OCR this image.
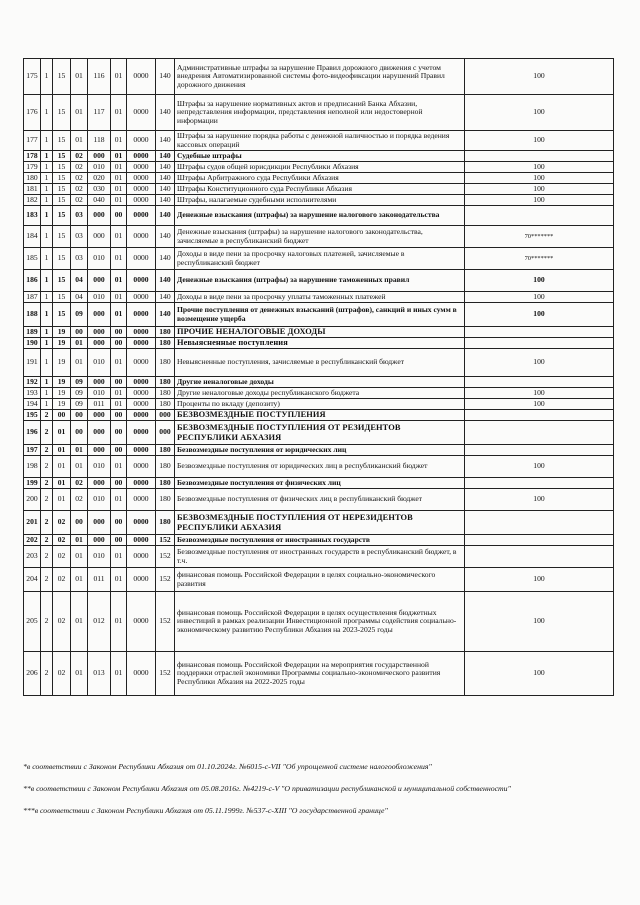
175	1	15	01	116	01	0000	140	Административные штрафы за нарушение Правил дорожного движения с учетом внедрения Автоматизированной системы фото-видеофиксации нарушений Правил дорожного движения	100
176	1	15	01	117	01	0000	140	Штрафы за нарушение нормативных актов и предписаний Банка Абхазии, непредставления информации, представления неполной или недостоверной информации	100
177	1	15	01	118	01	0000	140	Штрафы за нарушение порядка работы с денежной наличностью и порядка ведения кассовых операций	100
178	1	15	02	000	01	0000	140	Судебные штрафы	
179	1	15	02	010	01	0000	140	Штрафы судов общей юрисдикции Республики Абхазия	100
180	1	15	02	020	01	0000	140	Штрафы Арбитражного суда Республики Абхазия	100
181	1	15	02	030	01	0000	140	Штрафы Конституционного суда Республики Абхазия	100
182	1	15	02	040	01	0000	140	Штрафы, налагаемые судебными исполнителями	100
183	1	15	03	000	00	0000	140	Денежные взыскания (штрафы) за нарушение налогового законодательства	
184	1	15	03	000	01	0000	140	Денежные взыскания (штрафы) за нарушение налогового законодательства, зачисляемые в республиканский бюджет	70*******
185	1	15	03	010	01	0000	140	Доходы в виде пени за просрочку налоговых платежей, зачисляемые в республиканский бюджет	70*******
186	1	15	04	000	01	0000	140	Денежные взыскания (штрафы) за нарушение таможенных правил	100
187	1	15	04	010	01	0000	140	Доходы в виде пени за просрочку уплаты таможенных платежей	100
188	1	15	09	000	01	0000	140	Прочие поступления от денежных взысканий (штрафов), санкций и иных сумм в возмещение ущерба	100
189	1	19	00	000	00	0000	180	ПРОЧИЕ НЕНАЛОГОВЫЕ ДОХОДЫ	
190	1	19	01	000	00	0000	180	Невыясненные поступления	
191	1	19	01	010	01	0000	180	Невыясненные поступления, зачисляемые в республиканский бюджет	100
192	1	19	09	000	00	0000	180	Другие неналоговые доходы	
193	1	19	09	010	01	0000	180	Другие неналоговые доходы республиканского бюджета	100
194	1	19	09	011	01	0000	180	Проценты по вкладу (депозиту)	100
195	2	00	00	000	00	0000	000	БЕЗВОЗМЕЗДНЫЕ ПОСТУПЛЕНИЯ	
196	2	01	00	000	00	0000	000	БЕЗВОЗМЕЗДНЫЕ ПОСТУПЛЕНИЯ ОТ РЕЗИДЕНТОВ РЕСПУБЛИКИ АБХАЗИЯ	
197	2	01	01	000	00	0000	180	Безвозмездные поступления от юридических лиц	
198	2	01	01	010	01	0000	180	Безвозмездные поступления от юридических лиц в республиканский бюджет	100
199	2	01	02	000	00	0000	180	Безвозмездные поступления от физических лиц	
200	2	01	02	010	01	0000	180	Безвозмездные поступления от физических лиц в республиканский бюджет	100
201	2	02	00	000	00	0000	180	БЕЗВОЗМЕЗДНЫЕ ПОСТУПЛЕНИЯ ОТ НЕРЕЗИДЕНТОВ РЕСПУБЛИКИ АБХАЗИЯ	
202	2	02	01	000	00	0000	152	Безвозмездные поступления от иностранных государств	
203	2	02	01	010	01	0000	152	Безвозмездные поступления от иностранных государств в республиканский бюджет, в т.ч.	
204	2	02	01	011	01	0000	152	финансовая помощь Российской Федерации в целях социально-экономического развития	100
205	2	02	01	012	01	0000	152	финансовая помощь Российской Федерации в целях осуществления бюджетных инвестиций в рамках реализации Инвестиционной программы содействия социально-экономическому развитию Республики Абхазия на 2023-2025 годы	100
206	2	02	01	013	01	0000	152	финансовая помощь Российской Федерации на мероприятия государственной поддержки отраслей экономики Программы социально-экономического развития Республики Абхазия на 2022-2025 годы	100

*в соответствии с Законом Республики Абхазия от 01.10.2024г. №6015-с-VII "Об упрощенной системе налогообложения"

**в соответствии с Законом Республики Абхазия от 05.08.2016г. №4219-с-V "О приватизации республиканской и муниципальной собственности"

***в соответствии с Законом Республики Абхазия от 05.11.1999г. №537-с-XIII "О государственной границе"
